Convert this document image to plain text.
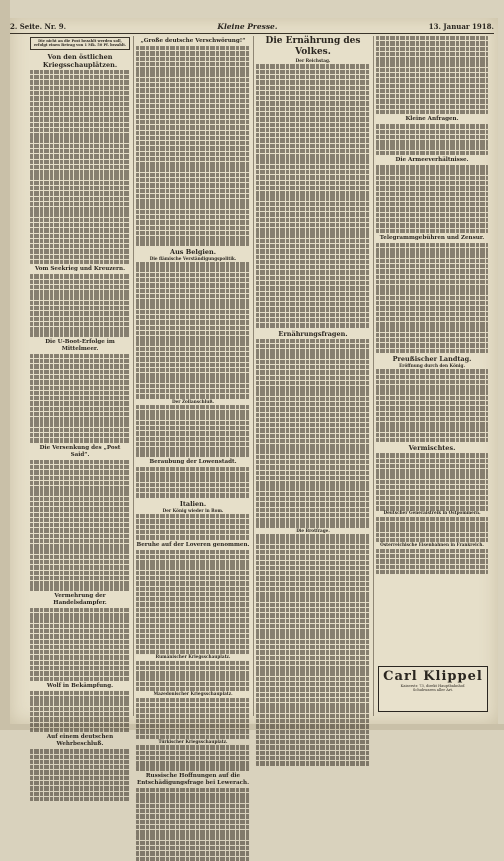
2. Seite. Nr. 9.	Kleine Presse.	13. Januar 1918.
Die nicht an die Post bezahlt werden soll, erfolgt einen Betrag von 1 Mk. 50 Pf. bezahlt.
Von den östlichen Kriegsschauplätzen.
Vom Seekrieg und Kreuzern.
Die U-Boot-Erfolge im Mittelmeer.
Die Versenkung des „Post Said“.
Vermehrung der Handelsdampfer.
Wolf in Bekämpfung.
Auf einem deutschen Wehrbeschluß.
„Große deutsche Verschwörung!“
Aus Belgien.
Die flämische Verständigungspolitik.
Der Zollanschluß.
Beraubung der Lowenstadt.
Italien.
Der König wieder in Rom.
Beruhe auf der Loveren genommen.
Rumänischer Kriegsschauplatz.
Mazedonischer Kriegsschauplatz.
Türkischer Kriegsschauplatz.
Russische Hoffnungen auf die Entschädigungsfrage bei Lewerach.
Die Ernährung des Volkes.
Der Reichstag.
Ernährungsfragen.
Die Brotfrage.
Kleine Anfragen.
Die Armeeverhältnisse.
Telegrammgebühren und Zensur.
Preußischer Landtag.
Eröffnung durch den König.
Vermischtes.
Deutscher Generalstreik in Ostpommern.
Österreichische Eisenbahnen in Frankreich.
Carl Klippel
Kaiserstr. 73, direkt Hauptbahnhof.
Schuhwaren aller Art.
